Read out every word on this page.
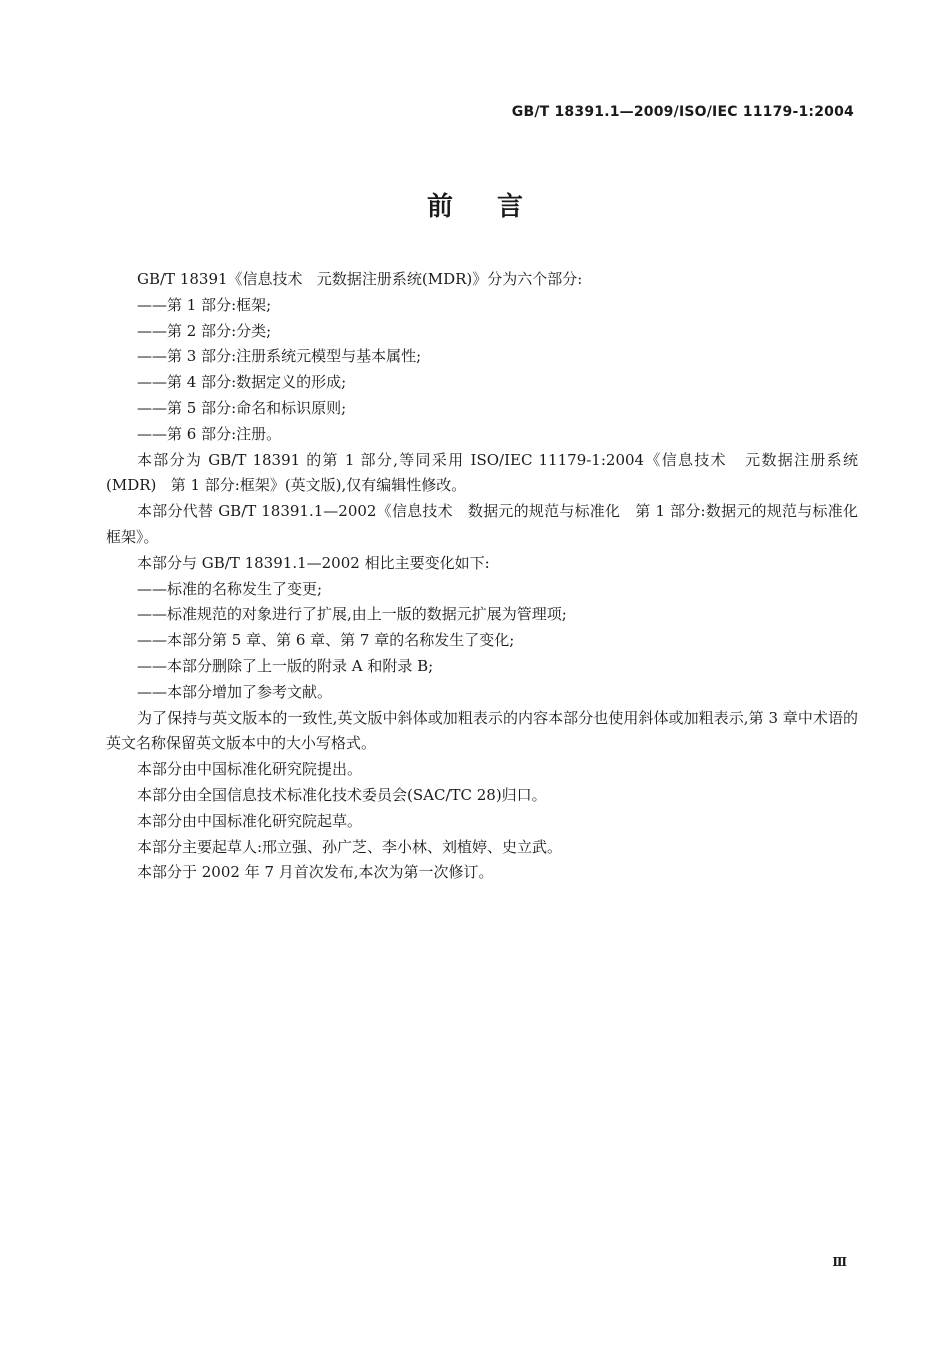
GB/T 18391.1—2009/ISO/IEC 11179-1:2004
前言

GB/T 18391《信息技术   元数据注册系统(MDR)》分为六个部分:

——第 1 部分:框架;

——第 2 部分:分类;

——第 3 部分:注册系统元模型与基本属性;

——第 4 部分:数据定义的形成;

——第 5 部分:命名和标识原则;

——第 6 部分:注册。

本部分为 GB/T 18391 的第 1 部分,等同采用 ISO/IEC 11179-1:2004《信息技术   元数据注册系统(MDR)   第 1 部分:框架》(英文版),仅有编辑性修改。

本部分代替 GB/T 18391.1—2002《信息技术   数据元的规范与标准化   第 1 部分:数据元的规范与标准化框架》。

本部分与 GB/T 18391.1—2002 相比主要变化如下:

——标准的名称发生了变更;

——标准规范的对象进行了扩展,由上一版的数据元扩展为管理项;

——本部分第 5 章、第 6 章、第 7 章的名称发生了变化;

——本部分删除了上一版的附录 A 和附录 B;

——本部分增加了参考文献。

为了保持与英文版本的一致性,英文版中斜体或加粗表示的内容本部分也使用斜体或加粗表示,第 3 章中术语的英文名称保留英文版本中的大小写格式。

本部分由中国标准化研究院提出。

本部分由全国信息技术标准化技术委员会(SAC/TC 28)归口。

本部分由中国标准化研究院起草。

本部分主要起草人:邢立强、孙广芝、李小林、刘植婷、史立武。

本部分于 2002 年 7 月首次发布,本次为第一次修订。

Ⅲ
